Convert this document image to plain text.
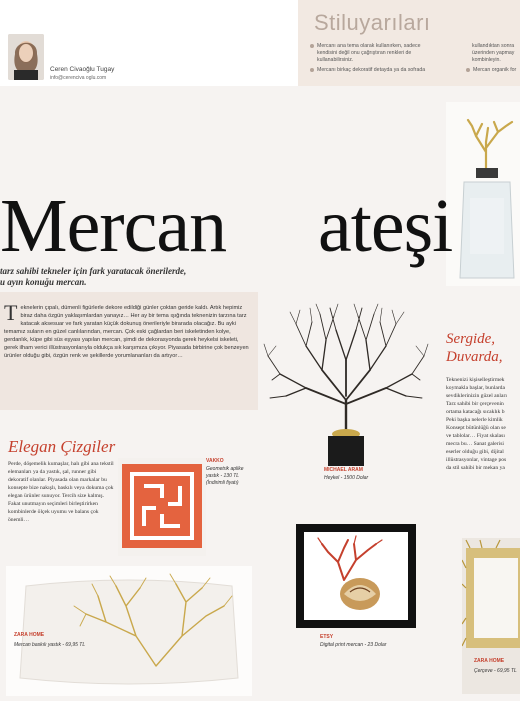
Ceren Civaoğlu Tugay
info@cerenciva oglu.com
Stiluyarıları
Mercanı ana tema olarak kullanırken, sadece
kendisini değil onu çağrıştıran renkleri de
kullanabilirsiniz.
Mercanı birkaç dekoratif detayda ya da sofrada
kullandıktan sonra
üzerinden yapmay
kombinleyin.
Mercan organik for
Mercan ateşi
tarz sahibi tekneler için fark yaratacak önerilerde,
u ayın konuğu mercan.
Teknelerin çıpalı, dümenli figürlerle dekore edildiği günler çoktan geride kaldı. Artık hepimiz biraz daha özgün yaklaşımlardan yanayız… Her ay bir tema ışığında teknenizin tarzına tarz katacak aksesuar ve fark yaratan küçük dokunuş önerileriyle birarada olacağız. Bu ayki temamız suların en güzel canlılarından, mercan. Çok eski çağlardan beri iskeletinden kolye, gerdanlık, küpe gibi süs eşyası yapılan mercan, şimdi de dekorasyonda gerek heykelsi iskeleti, gerek ilham verici illüstrasyonlarıyla oldukça sık karşımıza çıkıyor. Piyasada birbirine çok benzeyen ürünler olduğu gibi, özgün renk ve şekillerde yorumlananları da artıyor…
MICHAEL ARAM
Heykel - 1500 Dolar
Sergide,
Duvarda,
Teknenizi kişiselleştirmek
koymakla başlar, bunlarda
sevdiklerinizin güzel anları
Tarz sahibi bir çerçevenin
ortama katacağı sıcaklık b
Peki başka nelerle kimlik
Konsept bütünlüğü olan se
ve tablolar… Fiyat skalası
mecra bu… Sanat galerisi
eserler olduğu gibi, dijital
illüstrasyonlar, vintage pos
da stil sahibi bir mekan ya
Elegan Çizgiler
Perde, döşemelik kumaşlar, halı gibi ana tekstil elemanları ya da yastık, şal, runner gibi dekoratif olanlar. Piyasada olan markalar bu konsepte bize nakışlı, baskılı veya dokuma çok elegan ürünler sunuyor. Tercih size kalmış. Fakat unutmayın seçimleri birleştirirken kombinlerde ölçek uyumu ve balans çok önemli…
VAKKO
Geometrik aplike yastık - 130 TL (İndirimli fiyatı)
ZARA HOME
Mercan baskılı yastık - 69,95 TL
ETSY
Digital print mercan - 23 Dolar
ZARA HOME
Çerçeve - 69,95 TL
